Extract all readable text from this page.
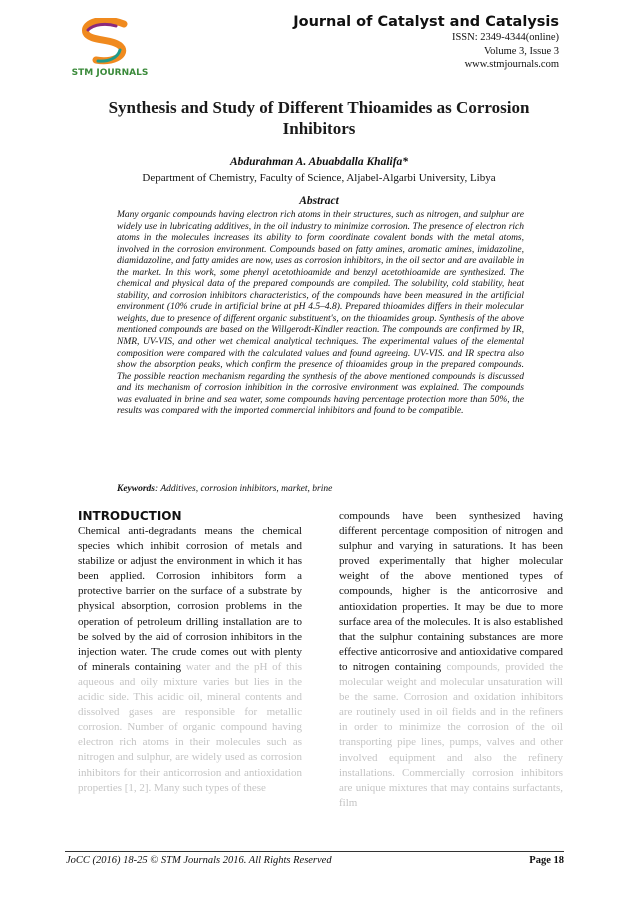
STM JOURNALS
Journal of Catalyst and Catalysis
ISSN: 2349-4344(online)
Volume 3, Issue 3
www.stmjournals.com
Synthesis and Study of Different Thioamides as Corrosion Inhibitors
Abdurahman A. Abuabdalla Khalifa*
Department of Chemistry, Faculty of Science, Aljabel-Algarbi University, Libya
Abstract

Many organic compounds having electron rich atoms in their structures, such as nitrogen, and sulphur are widely use in lubricating additives, in the oil industry to minimize corrosion. The presence of electron rich atoms in the molecules increases its ability to form coordinate covalent bonds with the metal atoms, involved in the corrosion environment. Compounds based on fatty amines, aromatic amines, imidazoline, diamidazoline, and fatty amides are now, uses as corrosion inhibitors, in the oil sector and are available in the market. In this work, some phenyl acetothioamide and benzyl acetothioamide are synthesized. The chemical and physical data of the prepared compounds are compiled. The solubility, cold stability, heat stability, and corrosion inhibitors characteristics, of the compounds have been measured in the artificial environment (10% crude in artificial brine at pH 4.5–4.8). Prepared thioamides differs in their molecular weights, due to presence of different organic substituent's, on the thioamides group. Synthesis of the above mentioned compounds are based on the Willgerodt-Kindler reaction. The compounds are confirmed by IR, NMR, UV-VIS, and other wet chemical analytical techniques. The experimental values of the elemental composition were compared with the calculated values and found agreeing. UV-VIS. and IR spectra also show the absorption peaks, which confirm the presence of thioamides group in the prepared compounds. The possible reaction mechanism regarding the synthesis of the above mentioned compounds is discussed and its mechanism of corrosion inhibition in the corrosive environment was explained. The compounds was evaluated in brine and sea water, some compounds having percentage protection more than 50%, the results was compared with the imported commercial inhibitors and found to be compatible.

Keywords: Additives, corrosion inhibitors, market, brine
INTRODUCTION

Chemical anti-degradants means the chemical species which inhibit corrosion of metals and stabilize or adjust the environment in which it has been applied. Corrosion inhibitors form a protective barrier on the surface of a substrate by physical absorption, corrosion problems in the operation of petroleum drilling installation are to be solved by the aid of corrosion inhibitors in the injection water. The crude comes out with plenty of minerals containing water and the pH of this aqueous and oily mixture varies but lies in the acidic side. This acidic oil, mineral contents and dissolved gases are responsible for metallic corrosion. Number of organic compound having electron rich atoms in their molecules such as nitrogen and sulphur, are widely used as corrosion inhibitors for their anticorrosion and antioxidation properties [1, 2]. Many such types of these

compounds have been synthesized having different percentage composition of nitrogen and sulphur and varying in saturations. It has been proved experimentally that higher molecular weight of the above mentioned types of compounds, higher is the anticorrosive and antioxidation properties. It may be due to more surface area of the molecules. It is also established that the sulphur containing substances are more effective anticorrosive and antioxidative compared to nitrogen containing compounds, provided the molecular weight and molecular unsaturation will be the same. Corrosion and oxidation inhibitors are routinely used in oil fields and in the refiners in order to minimize the corrosion of the oil transporting pipe lines, pumps, valves and other involved equipment and also the refinery installations. Commercially corrosion inhibitors are unique mixtures that may contains surfactants, film

JoCC (2016) 18-25 © STM Journals 2016. All Rights Reserved	Page 18
